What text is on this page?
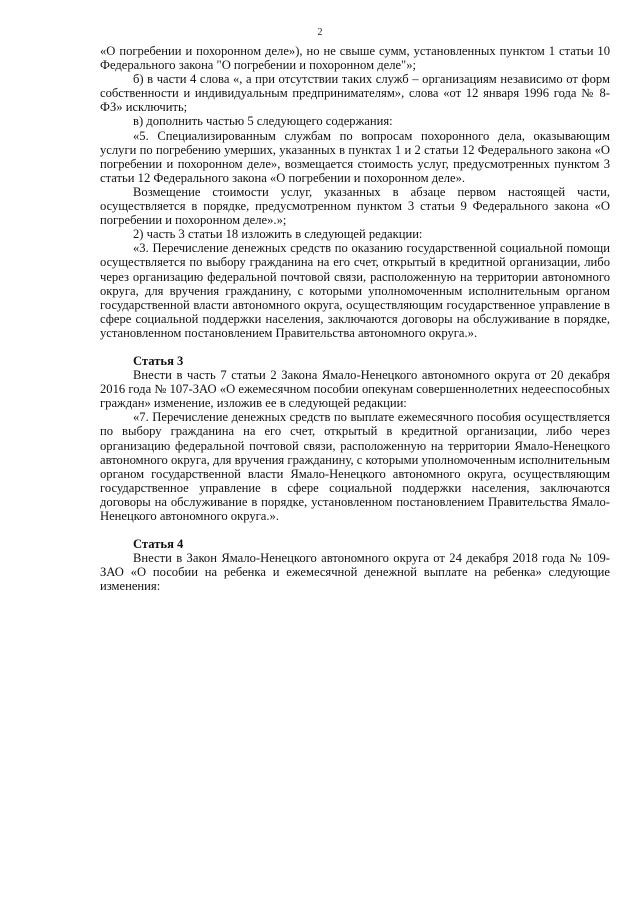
2

«О погребении и похоронном деле»), но не свыше сумм, установленных пунктом 1 статьи 10 Федерального закона "О погребении и похоронном деле"»;

б) в части 4 слова «, а при отсутствии таких служб – организациям независимо от форм собственности и индивидуальным предпринимателям», слова «от 12 января 1996 года № 8-ФЗ» исключить;

в) дополнить частью 5 следующего содержания:

«5. Специализированным службам по вопросам похоронного дела, оказывающим услуги по погребению умерших, указанных в пунктах 1 и 2 статьи 12 Федерального закона «О погребении и похоронном деле», возмещается стоимость услуг, предусмотренных пунктом 3 статьи 12 Федерального закона «О погребении и похоронном деле».

Возмещение стоимости услуг, указанных в абзаце первом настоящей части, осуществляется в порядке, предусмотренном пунктом 3 статьи 9 Федерального закона «О погребении и похоронном деле».»;

2) часть 3 статьи 18 изложить в следующей редакции:

«3. Перечисление денежных средств по оказанию государственной социальной помощи осуществляется по выбору гражданина на его счет, открытый в кредитной организации, либо через организацию федеральной почтовой связи, расположенную на территории автономного округа, для вручения гражданину, с которыми уполномоченным исполнительным органом государственной власти автономного округа, осуществляющим государственное управление в сфере социальной поддержки населения, заключаются договоры на обслуживание в порядке, установленном постановлением Правительства автономного округа.».

Статья 3

Внести в часть 7 статьи 2 Закона Ямало-Ненецкого автономного округа от 20 декабря 2016 года № 107-ЗАО «О ежемесячном пособии опекунам совершеннолетних недееспособных граждан» изменение, изложив ее в следующей редакции:

«7. Перечисление денежных средств по выплате ежемесячного пособия осуществляется по выбору гражданина на его счет, открытый в кредитной организации, либо через организацию федеральной почтовой связи, расположенную на территории Ямало-Ненецкого автономного округа, для вручения гражданину, с которыми уполномоченным исполнительным органом государственной власти Ямало-Ненецкого автономного округа, осуществляющим государственное управление в сфере социальной поддержки населения, заключаются договоры на обслуживание в порядке, установленном постановлением Правительства Ямало-Ненецкого автономного округа.».

Статья 4

Внести в Закон Ямало-Ненецкого автономного округа от 24 декабря 2018 года № 109-ЗАО «О пособии на ребенка и ежемесячной денежной выплате на ребенка» следующие изменения:
